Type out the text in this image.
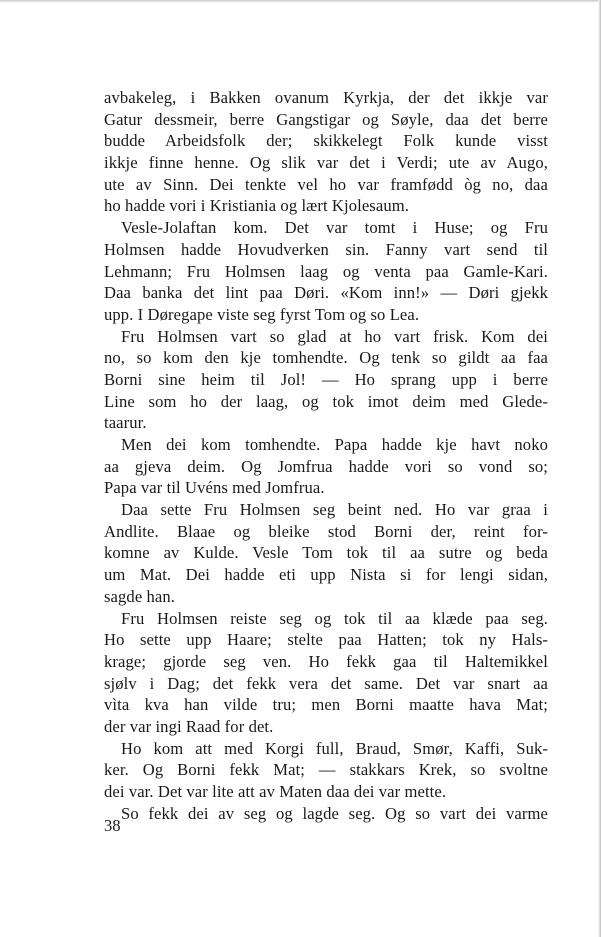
avbakeleg, i Bakken ovanum Kyrkja, der det ikkje var
Gatur dessmeir, berre Gangstigar og Søyle, daa det berre
budde Arbeidsfolk der; skikkelegt Folk kunde visst
ikkje finne henne. Og slik var det i Verdi; ute av Augo,
ute av Sinn. Dei tenkte vel ho var framfødd òg no, daa
ho hadde vori i Kristiania og lært Kjolesaum.
Vesle-Jolaftan kom. Det var tomt i Huse; og Fru
Holmsen hadde Hovudverken sin. Fanny vart send til
Lehmann; Fru Holmsen laag og venta paa Gamle-Kari.
Daa banka det lint paa Døri. «Kom inn!» — Døri gjekk
upp. I Døregape viste seg fyrst Tom og so Lea.
Fru Holmsen vart so glad at ho vart frisk. Kom dei
no, so kom den kje tomhendte. Og tenk so gildt aa faa
Borni sine heim til Jol! — Ho sprang upp i berre
Line som ho der laag, og tok imot deim med Glede-
taarur.
Men dei kom tomhendte. Papa hadde kje havt noko
aa gjeva deim. Og Jomfrua hadde vori so vond so;
Papa var til Uvéns med Jomfrua.
Daa sette Fru Holmsen seg beint ned. Ho var graa i
Andlite. Blaae og bleike stod Borni der, reint for-
komne av Kulde. Vesle Tom tok til aa sutre og beda
um Mat. Dei hadde eti upp Nista si for lengi sidan,
sagde han.
Fru Holmsen reiste seg og tok til aa klæde paa seg.
Ho sette upp Haare; stelte paa Hatten; tok ny Hals-
krage; gjorde seg ven. Ho fekk gaa til Haltemikkel
sjølv i Dag; det fekk vera det same. Det var snart aa
vìta kva han vilde tru; men Borni maatte hava Mat;
der var ingi Raad for det.
Ho kom att med Korgi full, Braud, Smør, Kaffi, Suk-
ker. Og Borni fekk Mat; — stakkars Krek, so svoltne
dei var. Det var lite att av Maten daa dei var mette.
So fekk dei av seg og lagde seg. Og so vart dei varme
38
